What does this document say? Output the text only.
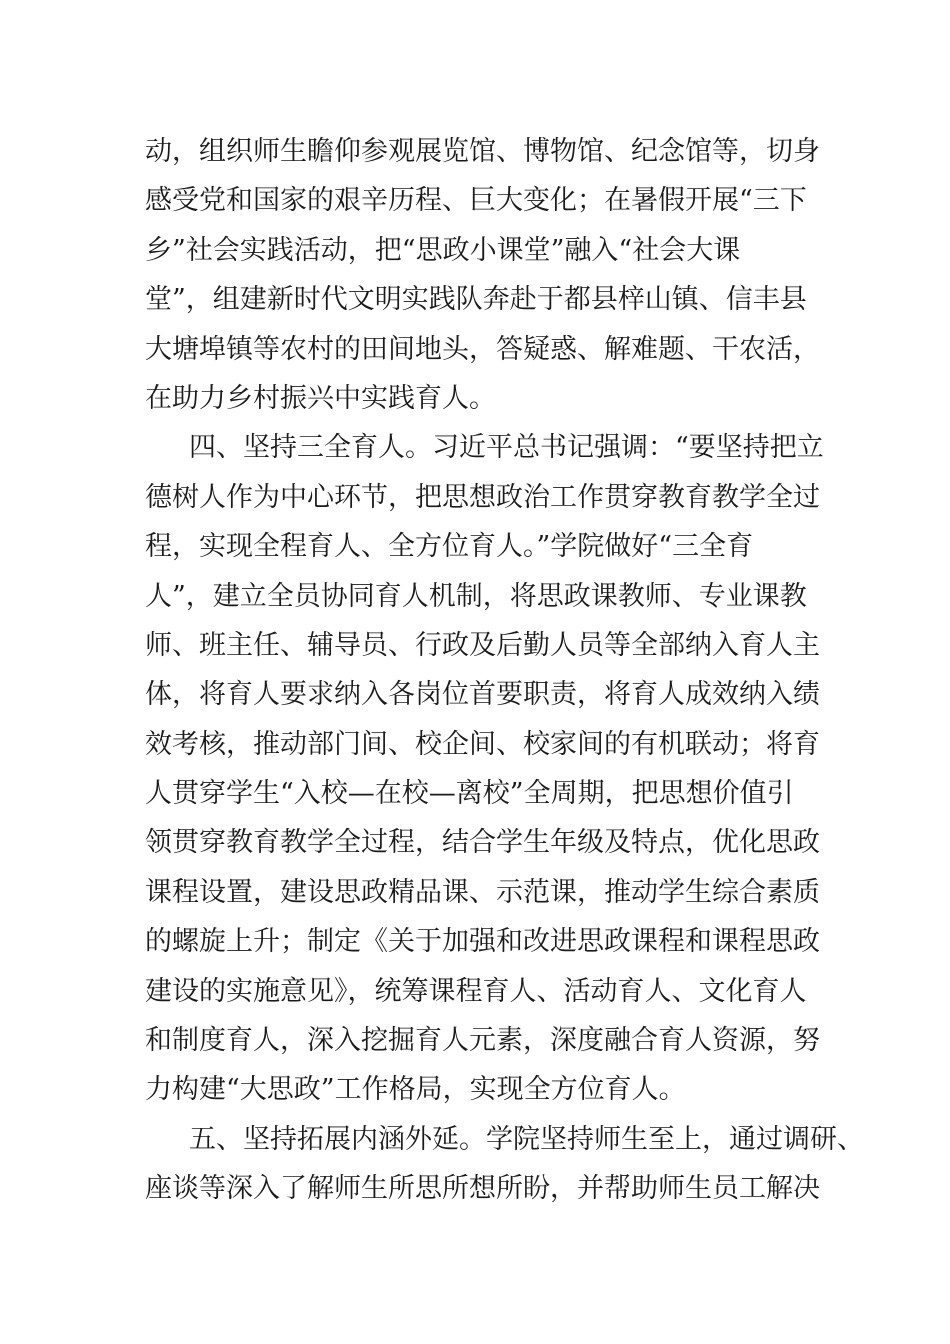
动，组织师生瞻仰参观展览馆、博物馆、纪念馆等，切身
感受党和国家的艰辛历程、巨大变化；在暑假开展“三下
乡”社会实践活动，把“思政小课堂”融入“社会大课
堂”，组建新时代文明实践队奔赴于都县梓山镇、信丰县
大塘埠镇等农村的田间地头，答疑惑、解难题、干农活，
在助力乡村振兴中实践育人。
四、坚持三全育人。习近平总书记强调：“要坚持把立
德树人作为中心环节，把思想政治工作贯穿教育教学全过
程，实现全程育人、全方位育人。”学院做好“三全育
人”，建立全员协同育人机制，将思政课教师、专业课教
师、班主任、辅导员、行政及后勤人员等全部纳入育人主
体，将育人要求纳入各岗位首要职责，将育人成效纳入绩
效考核，推动部门间、校企间、校家间的有机联动；将育
人贯穿学生“入校—在校—离校”全周期，把思想价值引
领贯穿教育教学全过程，结合学生年级及特点，优化思政
课程设置，建设思政精品课、示范课，推动学生综合素质
的螺旋上升；制定《关于加强和改进思政课程和课程思政
建设的实施意见》，统筹课程育人、活动育人、文化育人
和制度育人，深入挖掘育人元素，深度融合育人资源，努
力构建“大思政”工作格局，实现全方位育人。
五、坚持拓展内涵外延。学院坚持师生至上，通过调研、
座谈等深入了解师生所思所想所盼，并帮助师生员工解决
